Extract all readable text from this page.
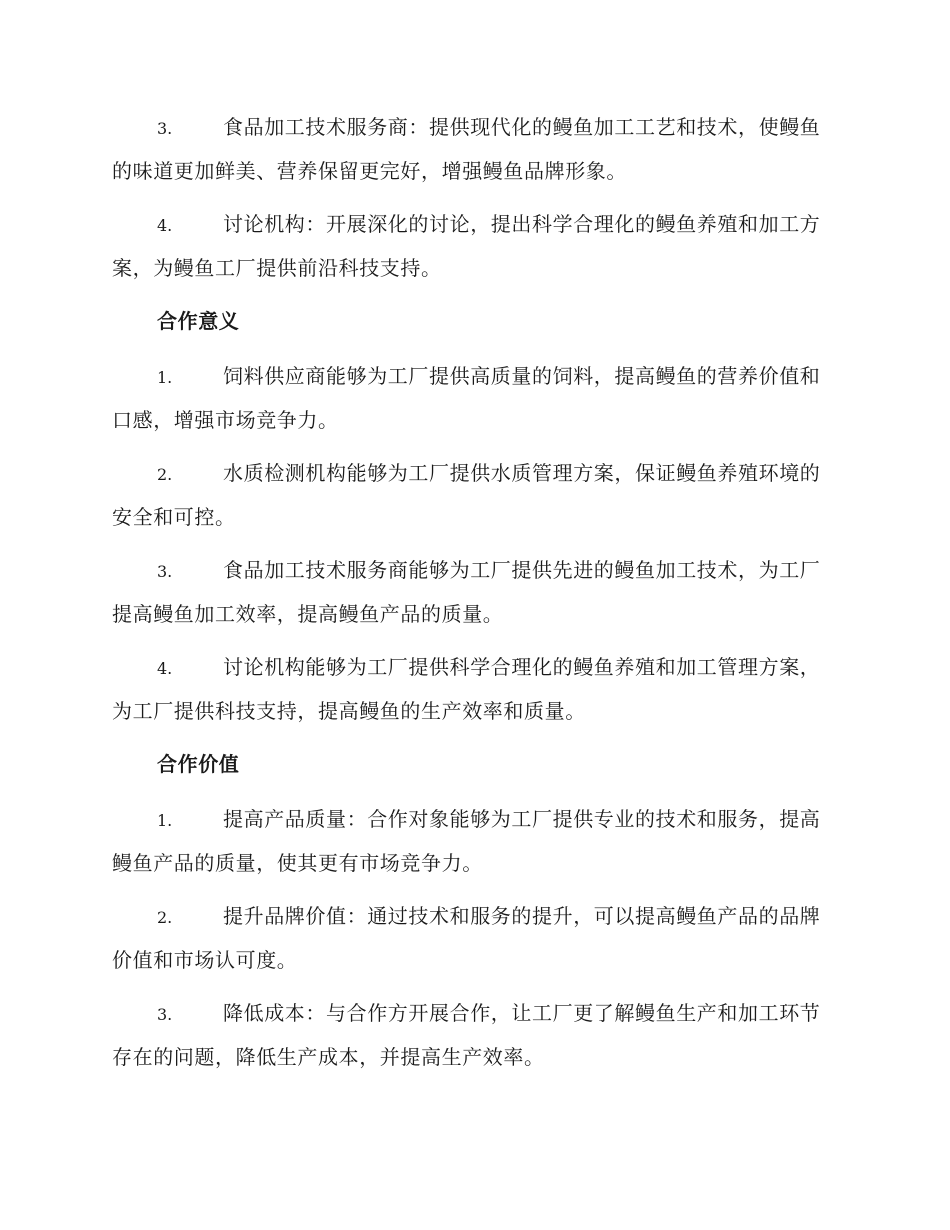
3.	食品加工技术服务商：提供现代化的鳗鱼加工工艺和技术，使鳗鱼的味道更加鲜美、营养保留更完好，增强鳗鱼品牌形象。
4.	讨论机构：开展深化的讨论，提出科学合理化的鳗鱼养殖和加工方案，为鳗鱼工厂提供前沿科技支持。
合作意义
1.	饲料供应商能够为工厂提供高质量的饲料，提高鳗鱼的营养价值和口感，增强市场竞争力。
2.	水质检测机构能够为工厂提供水质管理方案，保证鳗鱼养殖环境的安全和可控。
3.	食品加工技术服务商能够为工厂提供先进的鳗鱼加工技术，为工厂提高鳗鱼加工效率，提高鳗鱼产品的质量。
4.	讨论机构能够为工厂提供科学合理化的鳗鱼养殖和加工管理方案，为工厂提供科技支持，提高鳗鱼的生产效率和质量。
合作价值
1.	提高产品质量：合作对象能够为工厂提供专业的技术和服务，提高鳗鱼产品的质量，使其更有市场竞争力。
2.	提升品牌价值：通过技术和服务的提升，可以提高鳗鱼产品的品牌价值和市场认可度。
3.	降低成本：与合作方开展合作，让工厂更了解鳗鱼生产和加工环节存在的问题，降低生产成本，并提高生产效率。
